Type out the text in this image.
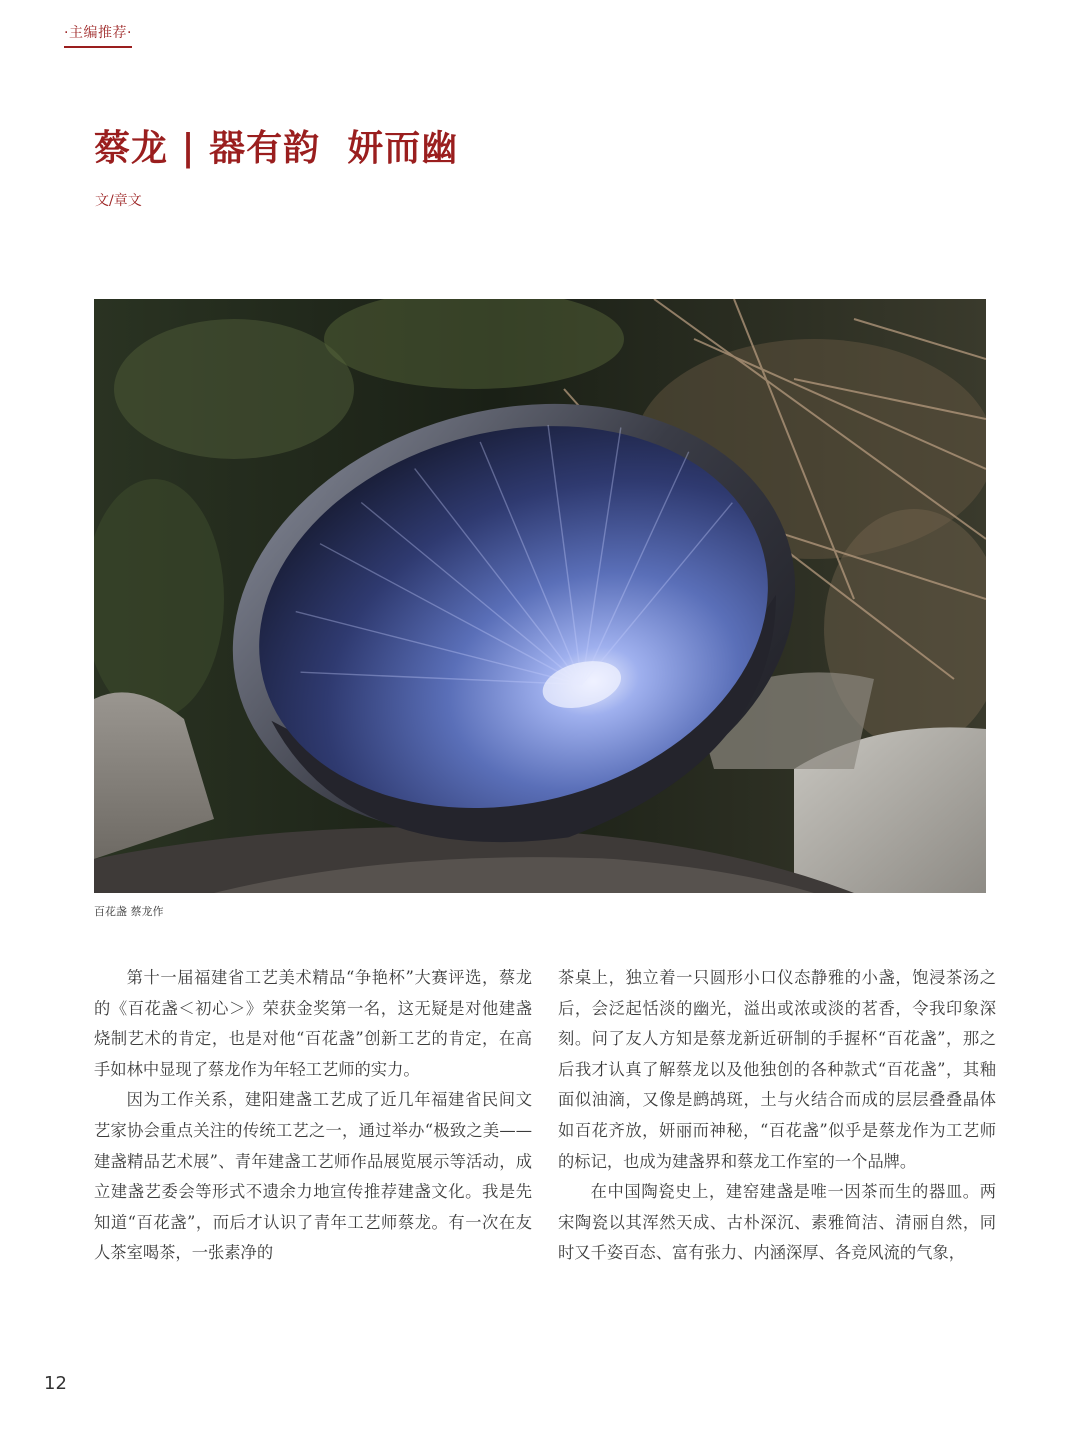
·主编推荐·
蔡龙 | 器有韵  妍而幽
文/章文
百花盏 蔡龙作

第十一届福建省工艺美术精品“争艳杯”大赛评选，蔡龙的《百花盏＜初心＞》荣获金奖第一名，这无疑是对他建盏烧制艺术的肯定，也是对他“百花盏”创新工艺的肯定，在高手如林中显现了蔡龙作为年轻工艺师的实力。

因为工作关系，建阳建盏工艺成了近几年福建省民间文艺家协会重点关注的传统工艺之一，通过举办“极致之美——建盏精品艺术展”、青年建盏工艺师作品展览展示等活动，成立建盏艺委会等形式不遗余力地宣传推荐建盏文化。我是先知道“百花盏”，而后才认识了青年工艺师蔡龙。有一次在友人茶室喝茶，一张素净的

茶桌上，独立着一只圆形小口仪态静雅的小盏，饱浸茶汤之后，会泛起恬淡的幽光，溢出或浓或淡的茗香，令我印象深刻。问了友人方知是蔡龙新近研制的手握杯“百花盏”，那之后我才认真了解蔡龙以及他独创的各种款式“百花盏”，其釉面似油滴，又像是鹧鸪斑，土与火结合而成的层层叠叠晶体如百花齐放，妍丽而神秘，“百花盏”似乎是蔡龙作为工艺师的标记，也成为建盏界和蔡龙工作室的一个品牌。

在中国陶瓷史上，建窑建盏是唯一因茶而生的器皿。两宋陶瓷以其浑然天成、古朴深沉、素雅简洁、清丽自然，同时又千姿百态、富有张力、内涵深厚、各竞风流的气象，

12
